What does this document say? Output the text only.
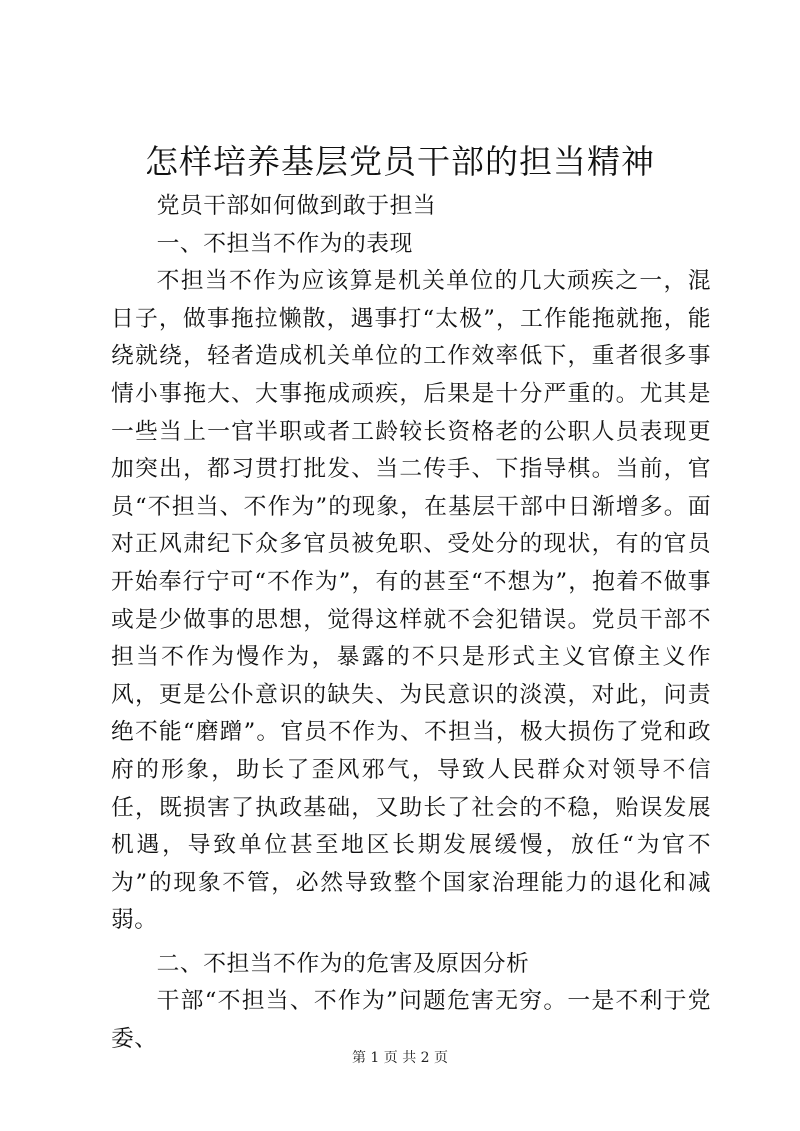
怎样培养基层党员干部的担当精神

党员干部如何做到敢于担当

一、不担当不作为的表现

不担当不作为应该算是机关单位的几大顽疾之一，混日子，做事拖拉懒散，遇事打“太极”，工作能拖就拖，能绕就绕，轻者造成机关单位的工作效率低下，重者很多事情小事拖大、大事拖成顽疾，后果是十分严重的。尤其是一些当上一官半职或者工龄较长资格老的公职人员表现更加突出，都习贯打批发、当二传手、下指导棋。当前，官员“不担当、不作为”的现象，在基层干部中日渐增多。面对正风肃纪下众多官员被免职、受处分的现状，有的官员开始奉行宁可“不作为”，有的甚至“不想为”，抱着不做事或是少做事的思想，觉得这样就不会犯错误。党员干部不担当不作为慢作为，暴露的不只是形式主义官僚主义作风，更是公仆意识的缺失、为民意识的淡漠，对此，问责绝不能“磨蹭”。官员不作为、不担当，极大损伤了党和政府的形象，助长了歪风邪气，导致人民群众对领导不信任，既损害了执政基础，又助长了社会的不稳，贻误发展机遇，导致单位甚至地区长期发展缓慢，放任“为官不为”的现象不管，必然导致整个国家治理能力的退化和减弱。

二、不担当不作为的危害及原因分析

干部“不担当、不作为”问题危害无穷。一是不利于党委、

第 1 页 共 2 页
